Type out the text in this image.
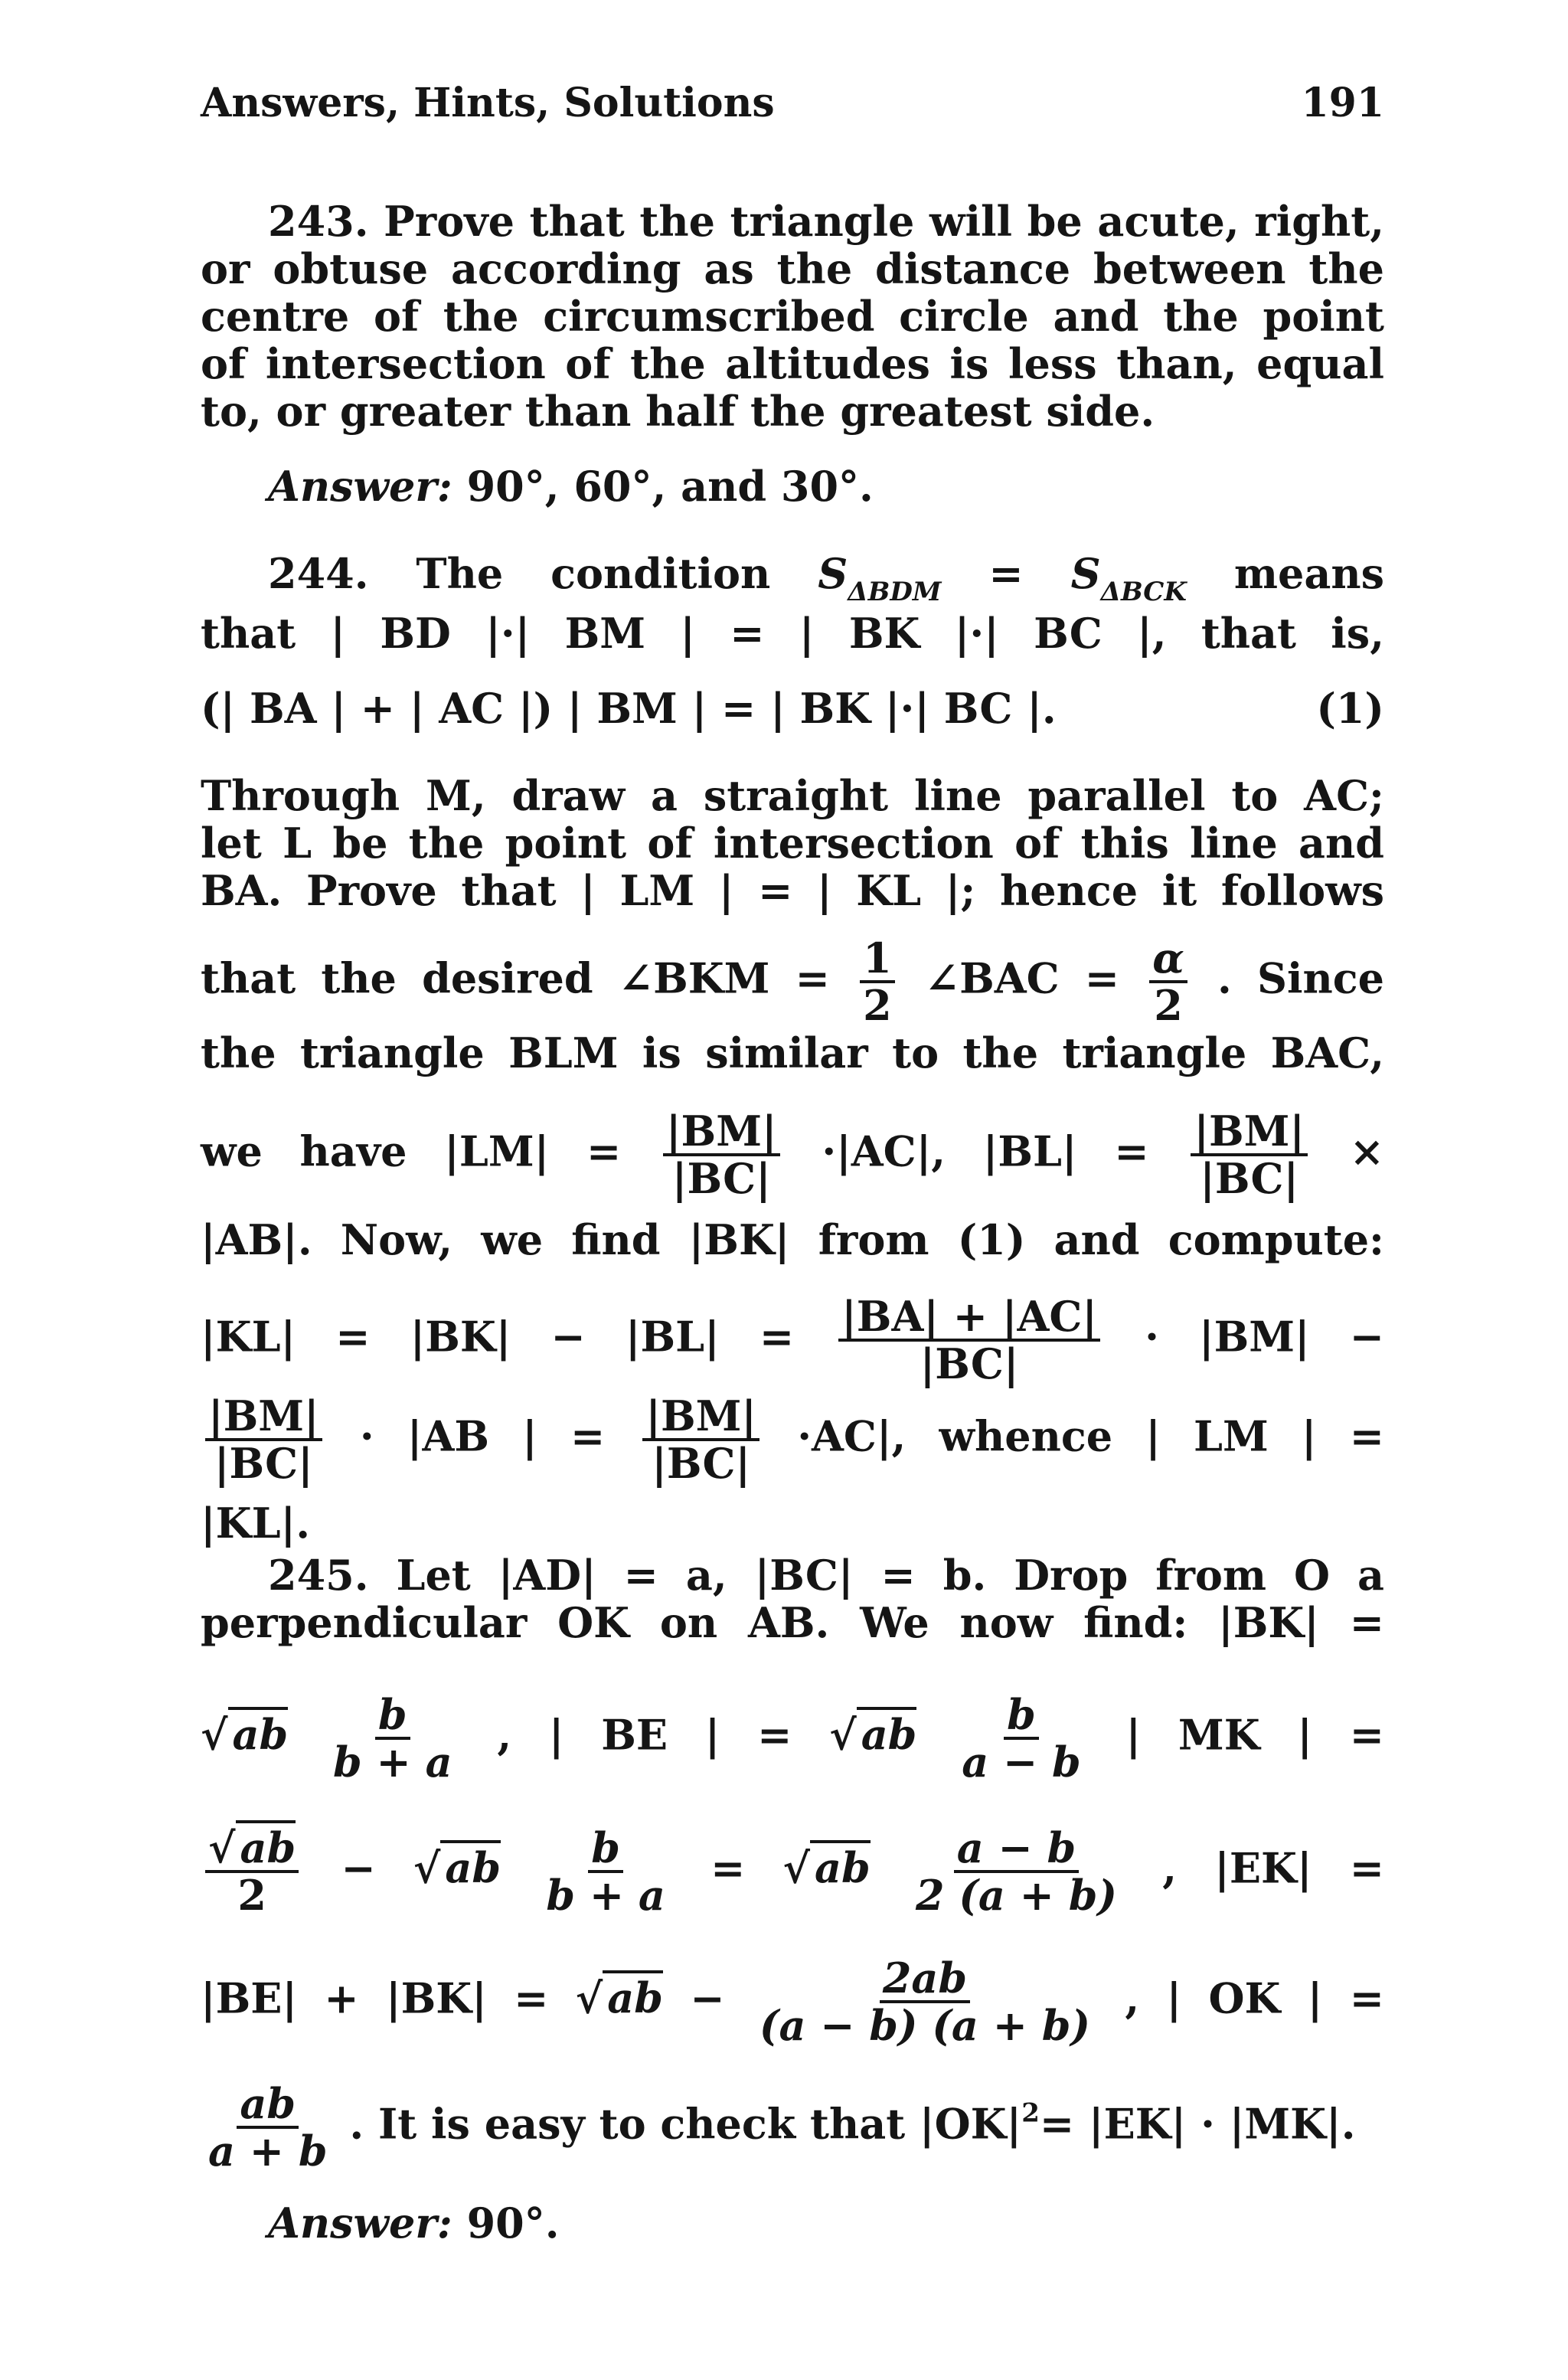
Answers, Hints, Solutions	191
243. Prove that the triangle will be acute, right,
or obtuse according as the distance between the
centre of the circumscribed circle and the point
of intersection of the altitudes is less than, equal
to, or greater than half the greatest side.
Answer: 90°, 60°, and 30°.
244. The condition $S_{\Delta BDM} = S_{\Delta BCK}$ means
that | BD |·| BM | = | BK |·| BC |, that is,
(| BA | + | AC |) | BM | = | BK |·| BC |.	(1)
Through M, draw a straight line parallel to AC;
let L be the point of intersection of this line and
BA. Prove that | LM | = | KL |; hence it follows
that the desired ∠BKM = $\frac{1}{2}$ ∠BAC = $\frac{\alpha}{2}$ . Since
the triangle BLM is similar to the triangle BAC,
we have $|LM| = \frac{|BM|}{|BC|} \cdot|AC|$, $|BL| = \frac{|BM|}{|BC|}$ ×
|AB|. Now, we find |BK| from (1) and compute:
$|KL| = |BK| - |BL| = \frac{|BA| + |AC|}{|BC|} \cdot |BM|$ −
$\frac{|BM|}{|BC|} \cdot |AB$ | = $\frac{|BM|}{|BC|} \cdot AC|$, whence | LM | =
|KL|.
245. Let |AD| = a, |BC| = b. Drop from O a
perpendicular OK on AB. We now find: |BK| =
√ ab $\frac{b}{b + a}$ , | BE | = √ ab $\frac{b}{a - b}$ | MK | =
$\frac{√ ab}{2}$ − √ ab $\frac{b}{b + a}$ = √ ab $\frac{a - b}{2 (a + b)}$ , |EK| =
|BE| + |BK| = √ ab − $\frac{2ab}{(a - b) (a + b)}$ , | OK | =
$\frac{ab}{a + b}$ . It is easy to check that $|OK|^2= |EK| \cdot |MK|$.
Answer: 90°.
